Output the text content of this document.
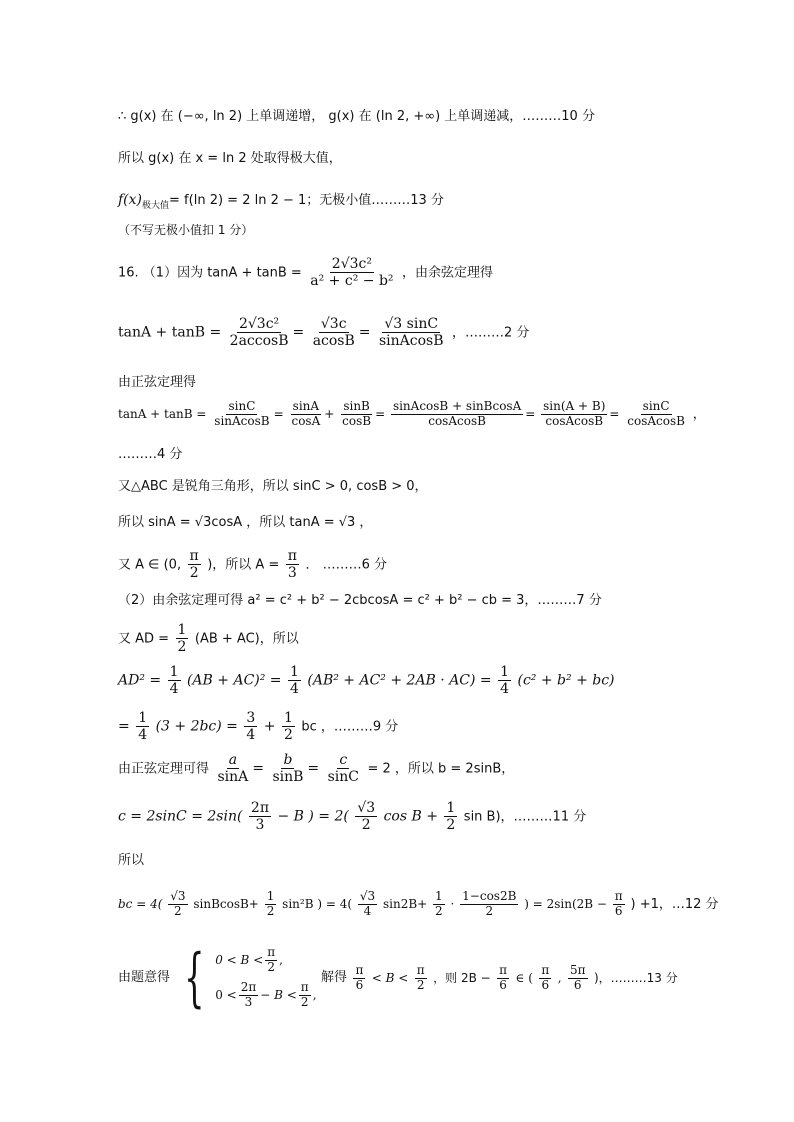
∴ g(x) 在 (−∞, ln 2) 上单调递增， g(x) 在 (ln 2, +∞) 上单调递减，………10 分
所以 g(x) 在 x = ln 2 处取得极大值，
$f(x)_{极大值}= f(\ln$ 2) = 2 ln 2 − 1；无极小值………13 分
（不写无极小值扣 1 分）
16. （1）因为 $\tan A + \tan B = \frac{\text{2√3c²}}{\text{a² + c² − b²}}$ ，由余弦定理得
$\tan A + \tan B = \frac{\text{2√3c²}}{2accosB} = \frac{√3c}{acosB} = \frac{√3 \sin C}{\text{sinAcosB}}$ ，………2 分
由正弦定理得
$\tan A + \tan B = \frac{\sin C}{\text{sinAcosB}} = \frac{\sin A}{\cos A} + \frac{\sin B}{\cos B} = \frac{\text{sinAcosB + sinBcosA}}{\text{cosAcosB}} = \frac{\sin(A + B)}{\text{cosAcosB}} = \frac{\sin C}{\text{cosAcosB}}$ ，
………4 分
又△ABC 是锐角三角形，所以 sinC > 0, cosB > 0，
所以 sinA = √3cosA ，所以 tanA = √3 ，
又 A ∈ (0, $\frac{\pi}{2}$ )，所以 $A = \frac{\pi}{3}$ ． ………6 分
（2）由余弦定理可得 a² = c² + b² − 2cbcosA = c² + b² − cb = 3，………7 分
又 AD = $\frac{1}{2} (AB + AC)$，所以
$AD^2 = \frac{1}{4} (AB + AC)^2 = \frac{1}{4} (AB^2 + AC^2 + 2AB \cdot AC) = \frac{1}{4} (c^2 + b^2 + bc)$
= $\frac{1}{4} (3 + 2bc) = \frac{3}{4} + \frac{1}{2}$ bc ，………9 分
由正弦定理可得 $\frac{a}{\sin A} = \frac{b}{\sin B} = \frac{c}{\sin C} = 2$ ，所以 b = 2sinB，
$c = 2\sin C = 2\sin( \frac{2\pi}{3} - B$ ) = $2( \frac{√3}{2}$ $\cos B + \frac{1}{2}$ sin B)，………11 分
所以
bc = $4( \frac{√3}{2}$ sinBcosB+ $\frac{1}{2} \sin^2B$ ) = $4( \frac{√3}{4} \sin 2B+ \frac{1}{2} \cdot \frac{1-\cos 2B}{2}$ ) = $2\sin(2B - \frac{\pi}{6}$ ) +1，…12 分
由题意得 { $0 < B < \frac{\pi}{2}$ ,
$0 < \frac{2\pi}{3} - B < \frac{\pi}{2}$ ,
解得 $\frac{\pi}{6} < B < \frac{\pi}{2}$ ，则 $2B - \frac{\pi}{6}$ ∈ ( $\frac{\pi}{6}$ , $\frac{5\pi}{6}$ )，………13 分
